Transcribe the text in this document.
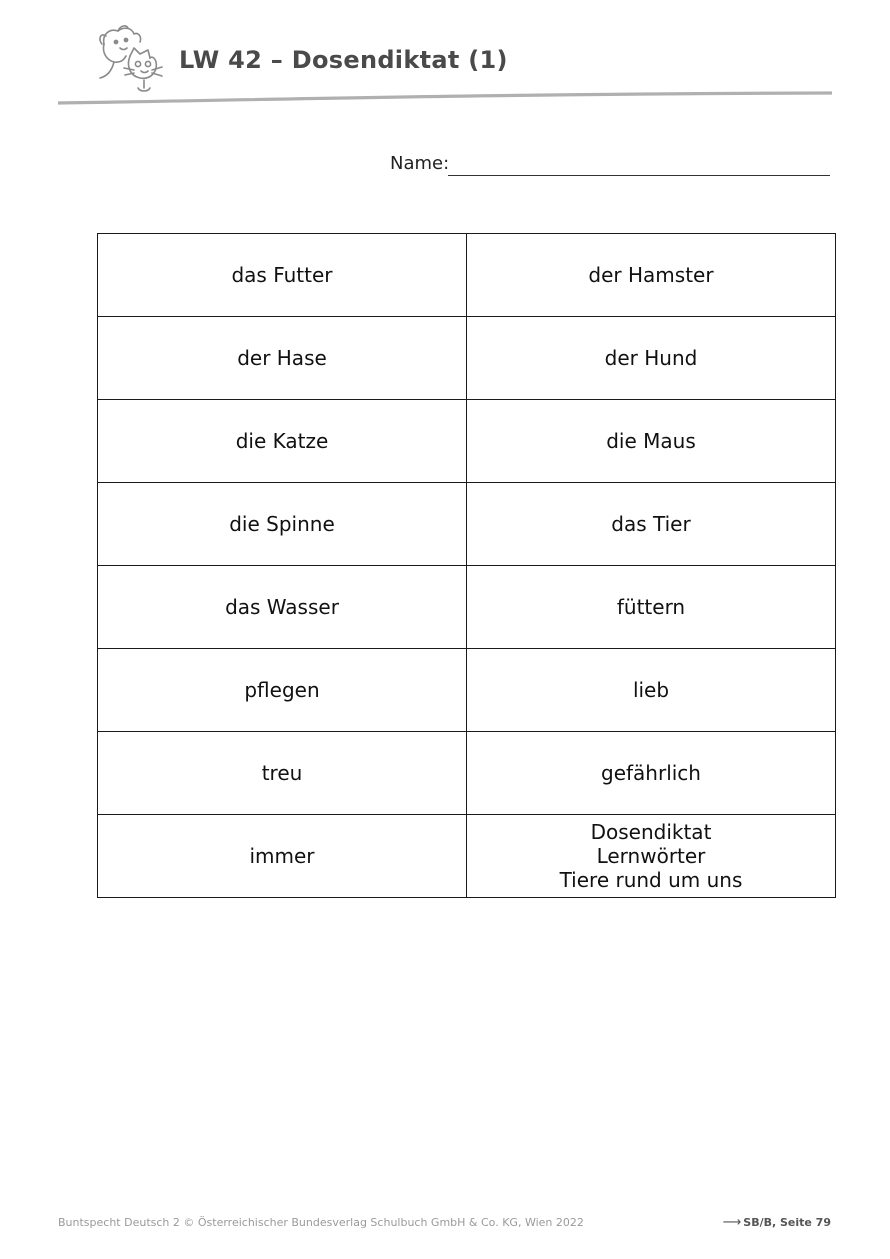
LW 42 – Dosendiktat (1)
Name:
das Futter	der Hamster
der Hase	der Hund
die Katze	die Maus
die Spinne	das Tier
das Wasser	füttern
pflegen	lieb
treu	gefährlich
immer	Dosendiktat
Lernwörter
Tiere rund um uns
Buntspecht Deutsch 2 © Österreichischer Bundesverlag Schulbuch GmbH & Co. KG, Wien 2022	⟶ SB/B, Seite 79
